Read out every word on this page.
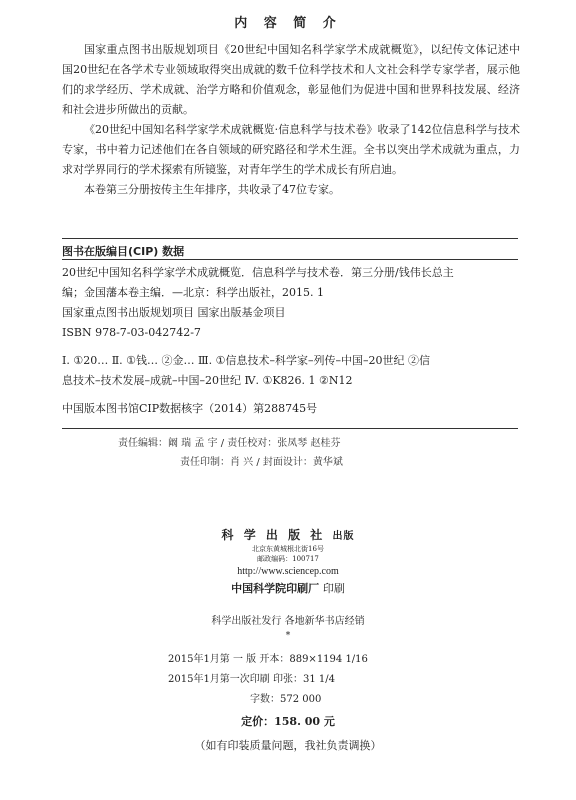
内 容 简 介

国家重点图书出版规划项目《20世纪中国知名科学家学术成就概览》，以纪传文体记述中国20世纪在各学术专业领域取得突出成就的数千位科学技术和人文社会科学专家学者，展示他们的求学经历、学术成就、治学方略和价值观念，彰显他们为促进中国和世界科技发展、经济和社会进步所做出的贡献。

《20世纪中国知名科学家学术成就概览·信息科学与技术卷》收录了142位信息科学与技术专家，书中着力记述他们在各自领域的研究路径和学术生涯。全书以突出学术成就为重点，力求对学界同行的学术探索有所镜鉴，对青年学生的学术成长有所启迪。

本卷第三分册按传主生年排序，共收录了47位专家。

图书在版编目(CIP) 数据
20世纪中国知名科学家学术成就概览．信息科学与技术卷．第三分册/钱伟长总主
编；金国藩本卷主编．—北京：科学出版社，2015. 1
国家重点图书出版规划项目 国家出版基金项目
ISBN 978-7-03-042742-7
Ⅰ. ①20… Ⅱ. ①钱… ②金… Ⅲ. ①信息技术–科学家–列传–中国–20世纪 ②信
息技术–技术发展–成就–中国–20世纪 Ⅳ. ①K826. 1 ②N12
中国版本图书馆CIP数据核字（2014）第288745号
责任编辑：阚 瑞 孟 宇 / 责任校对：张凤琴 赵桂芬
责任印制：肖 兴 / 封面设计：黄华斌
科 学 出 版 社 出版
北京东黄城根北街16号
邮政编码：100717
http://www.sciencep.com
中国科学院印刷厂 印刷
科学出版社发行 各地新华书店经销
*
2015年1月第 一 版 开本：889×1194 1/16
2015年1月第一次印刷 印张：31 1/4
字数：572 000
定价：158. 00 元
（如有印装质量问题，我社负责调换）
